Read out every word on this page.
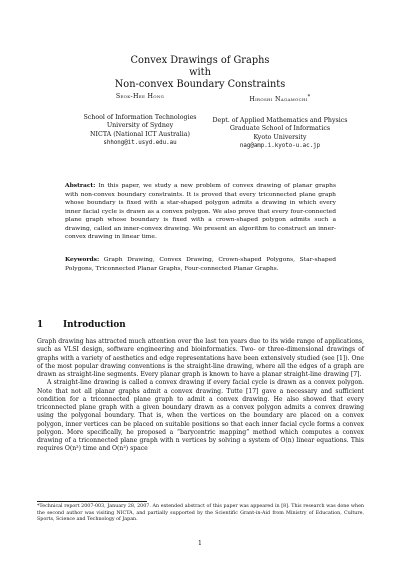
Convex Drawings of Graphs
with
Non-convex Boundary Constraints
Seok-Hee Hong
School of Information Technologies
University of Sydney
NICTA (National ICT Australia)
shhong@it.usyd.edu.au
Hiroshi Nagamochi*
Dept. of Applied Mathematics and Physics
Graduate School of Informatics
Kyoto University
nag@amp.i.kyoto-u.ac.jp
Abstract: In this paper, we study a new problem of convex drawing of planar graphs with non-convex boundary constraints. It is proved that every triconnected plane graph whose boundary is fixed with a star-shaped polygon admits a drawing in which every inner facial cycle is drawn as a convex polygon. We also prove that every four-connected plane graph whose boundary is fixed with a crown-shaped polygon admits such a drawing, called an inner-convex drawing. We present an algorithm to construct an inner-convex drawing in linear time.
Keywords: Graph Drawing, Convex Drawing, Crown-shaped Polygons, Star-shaped Polygons, Triconnected Planar Graphs, Four-connected Planar Graphs.
1 Introduction

Graph drawing has attracted much attention over the last ten years due to its wide range of applications, such as VLSI design, software engineering and bioinformatics. Two- or three-dimensional drawings of graphs with a variety of aesthetics and edge representations have been extensively studied (see [1]). One of the most popular drawing conventions is the straight-line drawing, where all the edges of a graph are drawn as straight-line segments. Every planar graph is known to have a planar straight-line drawing [7].

A straight-line drawing is called a convex drawing if every facial cycle is drawn as a convex polygon. Note that not all planar graphs admit a convex drawing. Tutte [17] gave a necessary and sufficient condition for a triconnected plane graph to admit a convex drawing. He also showed that every triconnected plane graph with a given boundary drawn as a convex polygon admits a convex drawing using the polygonal boundary. That is, when the vertices on the boundary are placed on a convex polygon, inner vertices can be placed on suitable positions so that each inner facial cycle forms a convex polygon. More specifically, he proposed a “barycentric mapping” method which computes a convex drawing of a triconnected plane graph with n vertices by solving a system of O(n) linear equations. This requires O(n³) time and O(n²) space

*Technical report 2007-003, January 28, 2007. An extended abstract of this paper was appeared in [8]. This research was done when the second author was visiting NICTA, and partially supported by the Scientific Grant-in-Aid from Ministry of Education, Culture, Sports, Science and Technology of Japan.
1
